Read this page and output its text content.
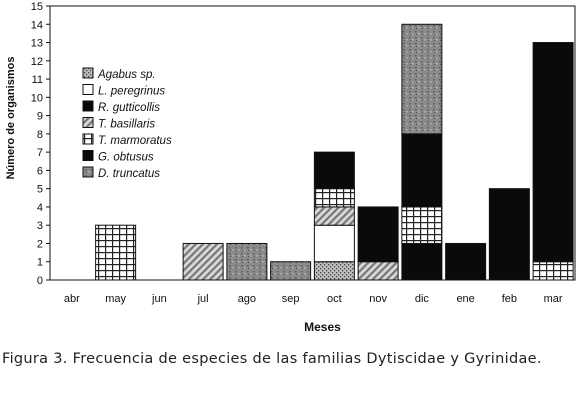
0
1
2
3
4
5
6
7
8
9
10
11
12
13
14
15
abr may jun	jul	ago sep	oct	nov	dic	ene feb mar
Meses
Número de organismos	Agabus sp.
L. peregrinus
R. gutticollis
T. basillaris
T. marmoratus
G. obtusus
D. truncatus
Figura 3. Frecuencia de especies de las familias Dytiscidae y Gyrinidae.
